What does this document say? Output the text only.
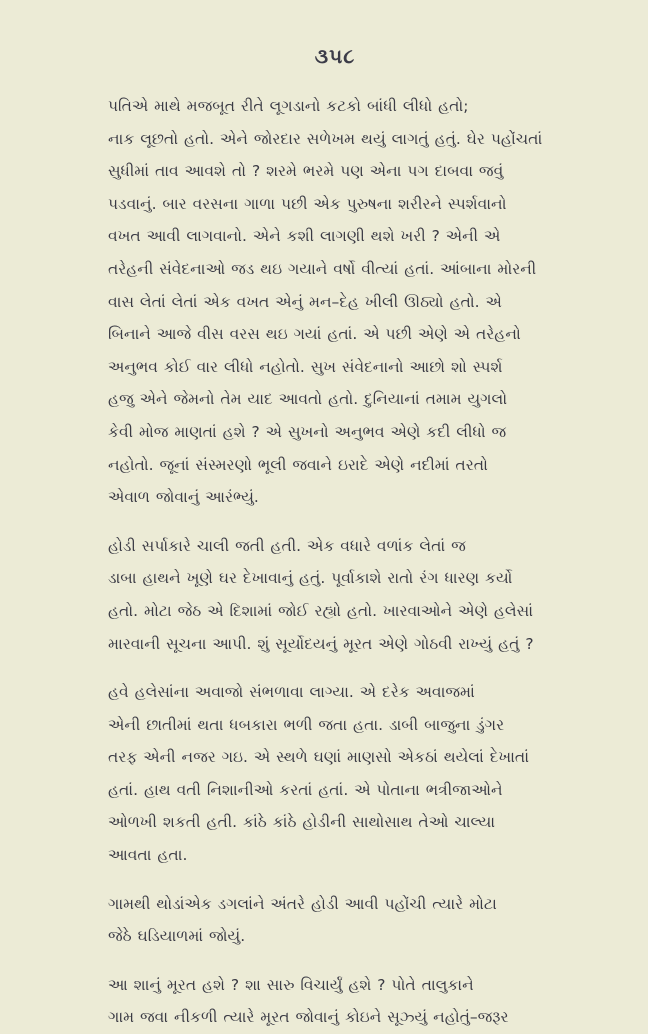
૩૫૮
પતિએ માથે મજબૂત રીતે લૂગડાનો કટકો બાંધી લીધો હતો;
નાક લૂછતો હતો. એને જોરદાર સળેખમ થયું લાગતું હતું. ઘેર પહોંચતાં
સુધીમાં તાવ આવશે તો ? શરમે ભરમે પણ એના પગ દાબવા જવું
પડવાનું. બાર વરસના ગાળા પછી એક પુરુષના શરીરને સ્પર્શવાનો
વખત આવી લાગવાનો. એને કશી લાગણી થશે ખરી ? એની એ
તરેહની સંવેદનાઓ જડ થઇ ગયાને વર્ષો વીત્યાં હતાં. આંબાના મોરની
વાસ લેતાં લેતાં એક વખત એનું મન–દેહ ખીલી ઊઠ્યો હતો. એ
બિનાને આજે વીસ વરસ થઇ ગયાં હતાં. એ પછી એણે એ તરેહનો
અનુભવ કોઈ વાર લીધો નહોતો. સુખ સંવેદનાનો આછો શો સ્પર્શ
હજુ એને જેમનો તેમ યાદ આવતો હતો. દુનિયાનાં તમામ યુગલો
કેવી મોજ માણતાં હશે ? એ સુખનો અનુભવ એણે કદી લીધો જ
નહોતો. જૂનાં સંસ્મરણો ભૂલી જવાને ઇરાદે એણે નદીમાં તરતો
એવાળ જોવાનું આરંભ્યું.
હોડી સર્પાકારે ચાલી જતી હતી. એક વધારે વળાંક લેતાં જ
ડાબા હાથને ખૂણે ઘર દેખાવાનું હતું. પૂર્વાકાશે રાતો રંગ ધારણ કર્યો
હતો. મોટા જેઠ એ દિશામાં જોઈ રહ્યો હતો. ખારવાઓને એણે હલેસાં
મારવાની સૂચના આપી. શું સૂર્યોદયનું મૂરત એણે ગોઠવી રાખ્યું હતું ?
હવે હલેસાંના અવાજો સંભળાવા લાગ્યા. એ દરેક અવાજમાં
એની છાતીમાં થતા ધબકારા ભળી જતા હતા. ડાબી બાજુના ડુંગર
તરફ એની નજર ગઇ. એ સ્થળે ઘણાં માણસો એકઠાં થયેલાં દેખાતાં
હતાં. હાથ વતી નિશાનીઓ કરતાં હતાં. એ પોતાના ભત્રીજાઓને
ઓળખી શકતી હતી. કાંઠે કાંઠે હોડીની સાથોસાથ તેઓ ચાલ્યા
આવતા હતા.
ગામથી થોડાંએક ડગલાંને અંતરે હોડી આવી પહોંચી ત્યારે મોટા
જેઠે ઘડિયાળમાં જોયું.
આ શાનું મૂરત હશે ? શા સારુ વિચાર્યું હશે ? પોતે તાલુકાને
ગામ જવા નીકળી ત્યારે મૂરત જોવાનું કોઇને સૂઝ્યું નહોતું–જરૂર
